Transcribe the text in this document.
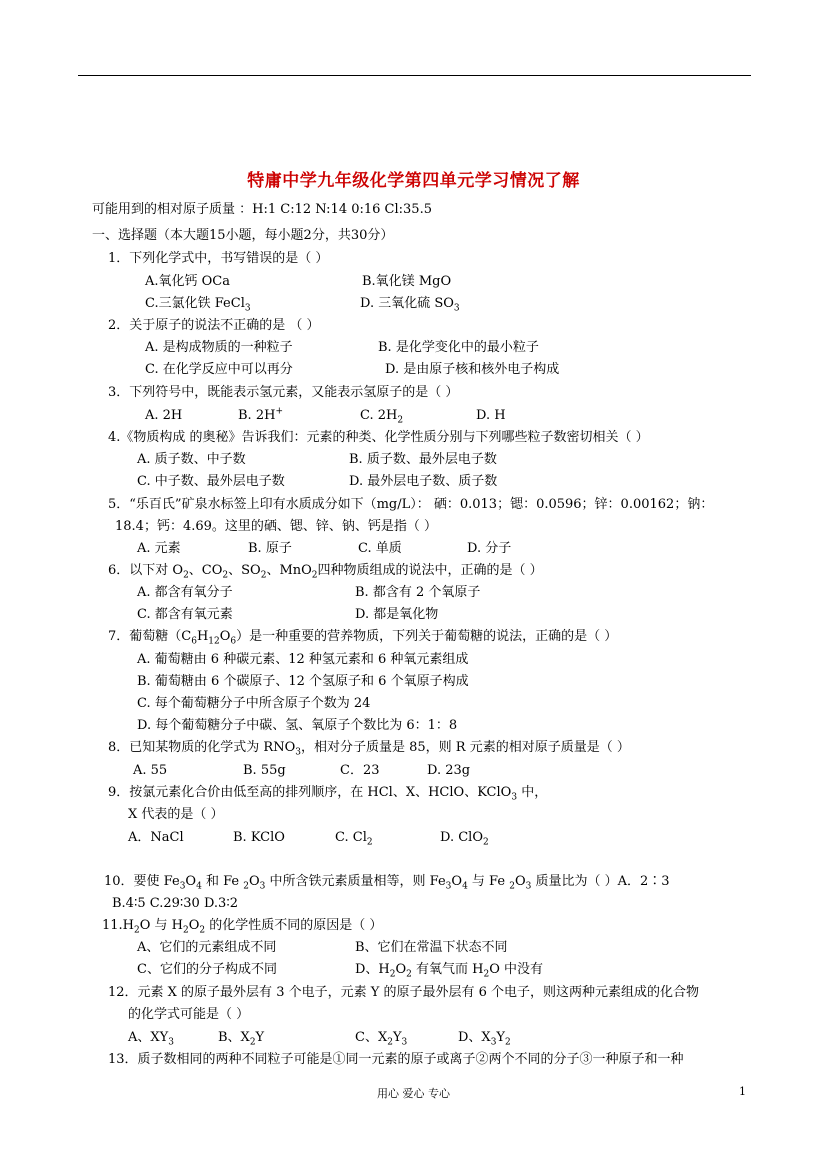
特庸中学九年级化学第四单元学习情况了解
可能用到的相对原子质量 ：H:1 C:12 N:14 0:16 Cl:35.5
一、选择题（本大题15小题，每小题2分，共30分）
1．下列化学式中，书写错误的是（ ）
A.氧化钙 OCa	B.氧化镁 MgO
C.三氯化铁 FeCl$_3$	D. 三氧化硫 $SO_3$
2．关于原子的说法不正确的是 （ ）
A. 是构成物质的一种粒子	B. 是化学变化中的最小粒子
C. 在化学反应中可以再分	D. 是由原子核和核外电子构成
3．下列符号中，既能表示氢元素，又能表示氢原子的是（ ）
A. 2H	B. 2H+	C. $2H_2$	D. H
4.《物质构成 的奥秘》告诉我们：元素的种类、化学性质分别与下列哪些粒子数密切相关（ ）
A. 质子数、中子数	B. 质子数、最外层电子数
C. 中子数、最外层电子数	D. 最外层电子数、质子数
5．“乐百氏”矿泉水标签上印有水质成分如下（mg/L）： 硒：0.013；锶：0.0596；锌：0.00162；钠：
18.4；钙：4.69。这里的硒、锶、锌、钠、钙是指（ ）
A. 元素	B. 原子	C. 单质	D. 分子
6．以下对 $O_2$、$CO_2$、$SO_2$、MnO$_2$四种物质组成的说法中，正确的是（ ）
A. 都含有氧分子	B. 都含有 2 个氧原子
C. 都含有氧元素	D. 都是氧化物
7．葡萄糖$(C_6H_{12}O_6)$是一种重要的营养物质，下列关于葡萄糖的说法，正确的是（ ）
A. 葡萄糖由 6 种碳元素、12 种氢元素和 6 种氧元素组成
B. 葡萄糖由 6 个碳原子、12 个氢原子和 6 个氧原子构成
C. 每个葡萄糖分子中所含原子个数为 24
D. 每个葡萄糖分子中碳、氢、氧原子个数比为 6：1：8
8．已知某物质的化学式为 $RNO_3$，相对分子质量是 85，则 R 元素的相对原子质量是（ ）
A. 55	B. 55g	C．23	D. 23g
9．按氯元素化合价由低至高的排列顺序，在 HCl、X、HClO、KClO$_3$ 中，
X 代表的是（ ）
A．NaCl	B. KClO	C. $Cl_2$	D. ClO$_2$
10．要使 $Fe_3O_4$ 和 Fe $_2O_3$ 中所含铁元素质量相等，则 $Fe_3O_4$ 与 Fe $_2O_3$ 质量比为（ ）A．2∶3
B.4∶5 C.29∶30 D.3∶2
$11.H_2O$ 与 $H_2O_2$ 的化学性质不同的原因是（ ）
A、它们的元素组成不同	B、它们在常温下状态不同
C、它们的分子构成不同	D、$H_2O_2$ 有氧气而 $H_2O$ 中没有
12．元素 X 的原子最外层有 3 个电子，元素 Y 的原子最外层有 6 个电子，则这两种元素组成的化合物
的化学式可能是（ ）
A、$XY_3$	B、$X_2Y$	C、$X_2Y_3$	D、$X_3Y_2$
13．质子数相同的两种不同粒子可能是①同一元素的原子或离子②两个不同的分子③一种原子和一种
用心 爱心 专心	1
